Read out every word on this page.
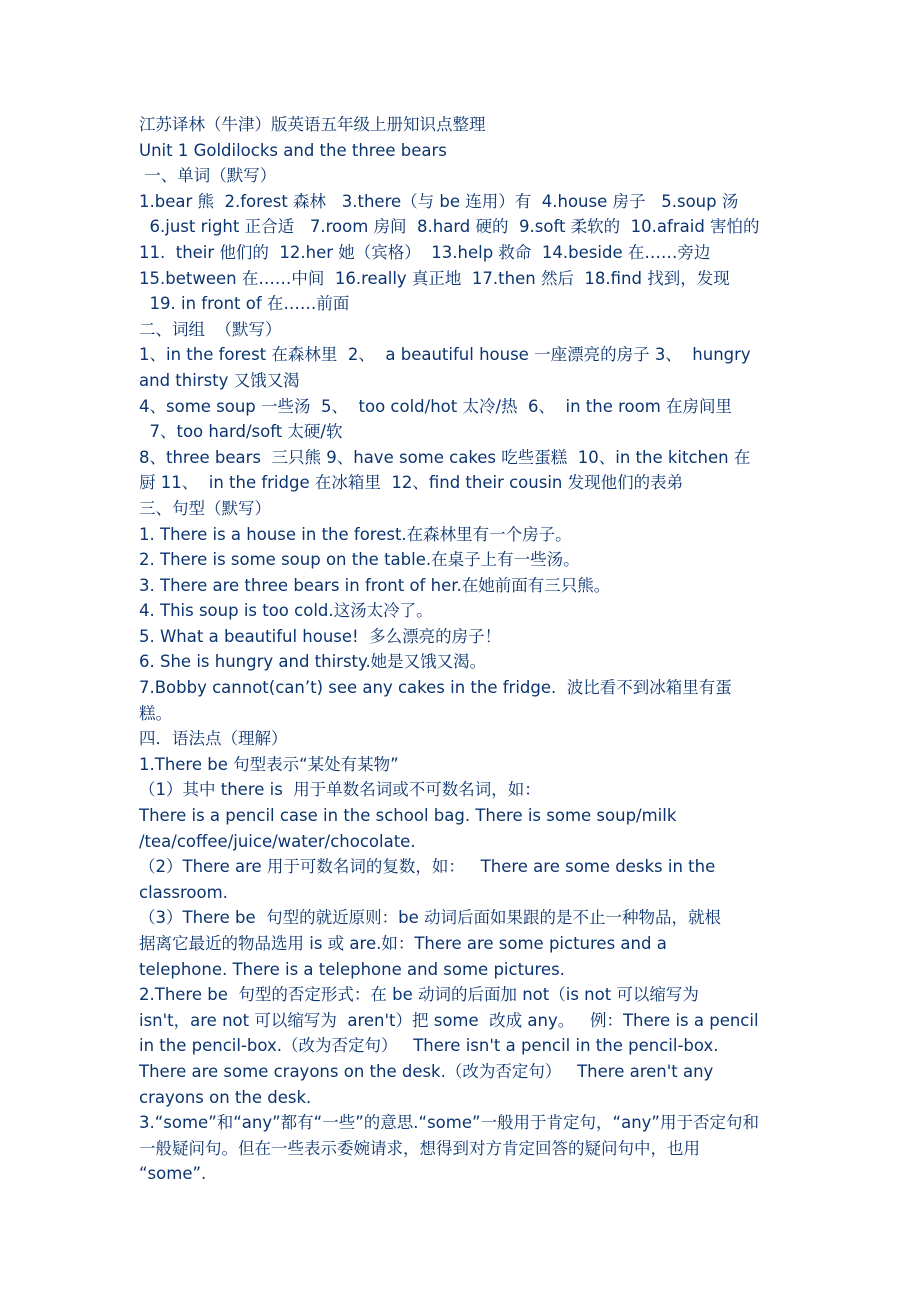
江苏译林（牛津）版英语五年级上册知识点整理
Unit 1 Goldilocks and the three bears
一、单词（默写）
1.bear 熊  2.forest 森林   3.there（与 be 连用）有  4.house 房子   5.soup 汤
6.just right 正合适   7.room 房间  8.hard 硬的  9.soft 柔软的  10.afraid 害怕的
11.  their 他们的  12.her 她（宾格）  13.help 救命  14.beside 在……旁边
15.between 在……中间  16.really 真正地  17.then 然后  18.find 找到，发现
19. in front of 在……前面
二、词组  （默写）
1、in the forest 在森林里  2、  a beautiful house 一座漂亮的房子 3、  hungry
and thirsty 又饿又渴
4、some soup 一些汤  5、  too cold/hot 太冷/热  6、  in the room 在房间里
7、too hard/soft 太硬/软
8、three bears  三只熊 9、have some cakes 吃些蛋糕  10、in the kitchen 在
厨 11、  in the fridge 在冰箱里  12、find their cousin 发现他们的表弟
三、句型（默写）
1. There is a house in the forest.在森林里有一个房子。
2. There is some soup on the table.在桌子上有一些汤。
3. There are three bears in front of her.在她前面有三只熊。
4. This soup is too cold.这汤太冷了。
5. What a beautiful house!  多么漂亮的房子！
6. She is hungry and thirsty.她是又饿又渴。
7.Bobby cannot(can’t) see any cakes in the fridge.  波比看不到冰箱里有蛋
糕。
四．语法点（理解）
1.There be 句型表示“某处有某物”
（1）其中 there is  用于单数名词或不可数名词，如：
There is a pencil case in the school bag. There is some soup/milk
/tea/coffee/juice/water/chocolate.
（2）There are 用于可数名词的复数，如：   There are some desks in the
classroom.
（3）There be  句型的就近原则：be 动词后面如果跟的是不止一种物品，就根
据离它最近的物品选用 is 或 are.如：There are some pictures and a
telephone. There is a telephone and some pictures.
2.There be  句型的否定形式：在 be 动词的后面加 not（is not 可以缩写为
isn't，are not 可以缩写为  aren't）把 some  改成 any。   例：There is a pencil
in the pencil-box.（改为否定句）   There isn't a pencil in the pencil-box.
There are some crayons on the desk.（改为否定句）   There aren't any
crayons on the desk.
3.“some”和“any”都有“一些”的意思.“some”一般用于肯定句，“any”用于否定句和
一般疑问句。但在一些表示委婉请求，想得到对方肯定回答的疑问句中，也用
“some”.
